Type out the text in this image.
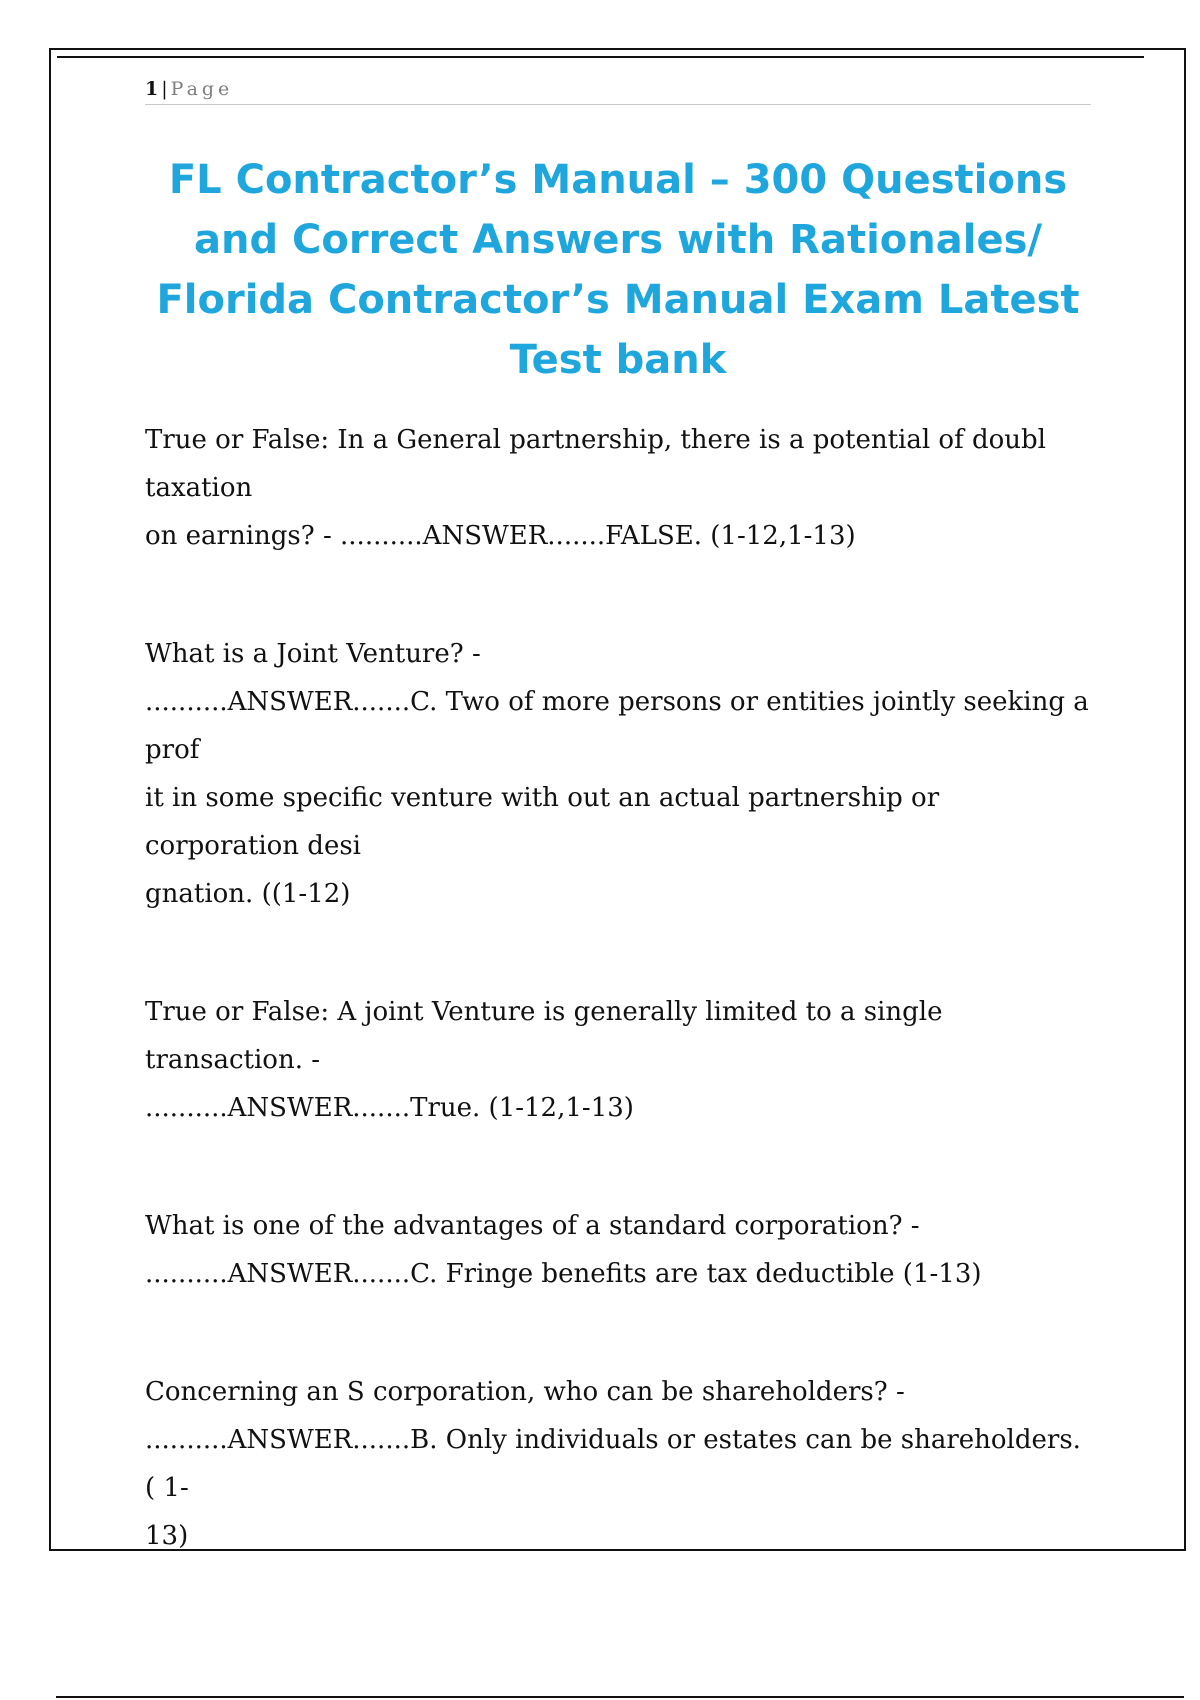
1 | Page
FL Contractor’s Manual – 300 Questions and Correct Answers with Rationales/ Florida Contractor’s Manual Exam Latest Test bank

True or False: In a General partnership, there is a potential of doubl taxation
on earnings? - ..........ANSWER.......FALSE. (1-12,1-13)

What is a Joint Venture? -
..........ANSWER.......C. Two of more persons or entities jointly seeking a prof
it in some specific venture with out an actual partnership or corporation desi
gnation. ((1-12)

True or False: A joint Venture is generally limited to a single transaction. -
..........ANSWER.......True. (1-12,1-13)

What is one of the advantages of a standard corporation? -
..........ANSWER.......C. Fringe benefits are tax deductible (1-13)

Concerning an S corporation, who can be shareholders? -
..........ANSWER.......B. Only individuals or estates can be shareholders.( 1-
13)
